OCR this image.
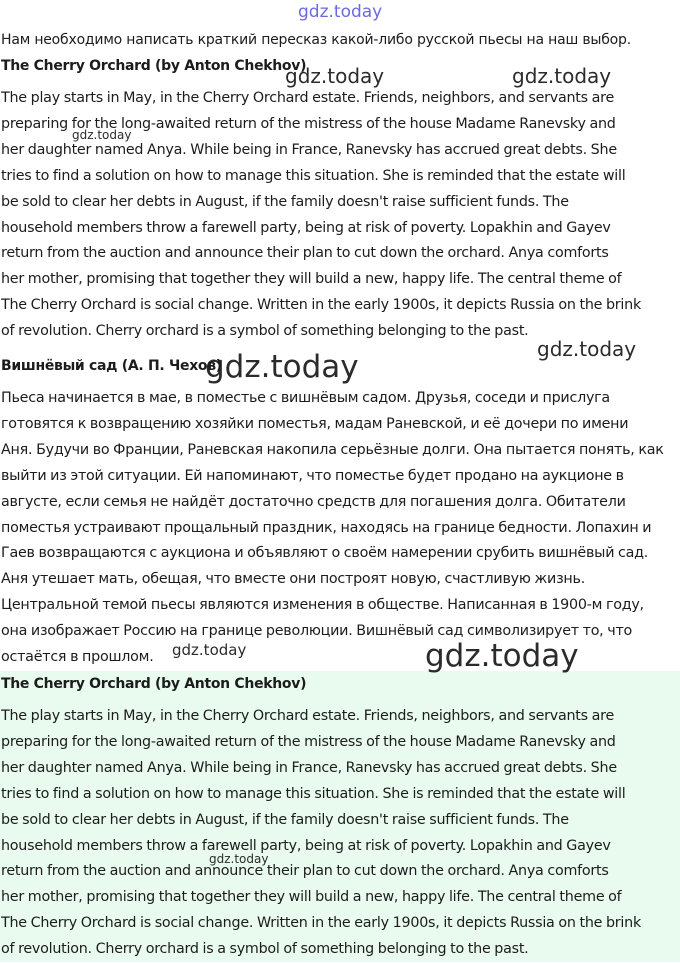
gdz.today
gdz.today	gdz.today
gdz.today
gdz.today
gdz.today
gdz.today	gdz.today
gdz.today
Нам необходимо написать краткий пересказ какой-либо русской пьесы на наш выбор.
The Cherry Orchard (by Anton Chekhov)
The play starts in May, in the Cherry Orchard estate. Friends, neighbors, and servants are
preparing for the long-awaited return of the mistress of the house Madame Ranevsky and
her daughter named Anya. While being in France, Ranevsky has accrued great debts. She
tries to find a solution on how to manage this situation. She is reminded that the estate will
be sold to clear her debts in August, if the family doesn't raise sufficient funds. The
household members throw a farewell party, being at risk of poverty. Lopakhin and Gayev
return from the auction and announce their plan to cut down the orchard. Anya comforts
her mother, promising that together they will build a new, happy life. The central theme of
The Cherry Orchard is social change. Written in the early 1900s, it depicts Russia on the brink
of revolution. Cherry orchard is a symbol of something belonging to the past.
Вишнёвый сад (А. П. Чехов)
Пьеса начинается в мае, в поместье с вишнёвым садом. Друзья, соседи и прислуга
готовятся к возвращению хозяйки поместья, мадам Раневской, и её дочери по имени
Аня. Будучи во Франции, Раневская накопила серьёзные долги. Она пытается понять, как
выйти из этой ситуации. Ей напоминают, что поместье будет продано на аукционе в
августе, если семья не найдёт достаточно средств для погашения долга. Обитатели
поместья устраивают прощальный праздник, находясь на границе бедности. Лопахин и
Гаев возвращаются с аукциона и объявляют о своём намерении срубить вишнёвый сад.
Аня утешает мать, обещая, что вместе они построят новую, счастливую жизнь.
Центральной темой пьесы являются изменения в обществе. Написанная в 1900-м году,
она изображает Россию на границе революции. Вишнёвый сад символизирует то, что
остаётся в прошлом.
The Cherry Orchard (by Anton Chekhov)
The play starts in May, in the Cherry Orchard estate. Friends, neighbors, and servants are
preparing for the long-awaited return of the mistress of the house Madame Ranevsky and
her daughter named Anya. While being in France, Ranevsky has accrued great debts. She
tries to find a solution on how to manage this situation. She is reminded that the estate will
be sold to clear her debts in August, if the family doesn't raise sufficient funds. The
household members throw a farewell party, being at risk of poverty. Lopakhin and Gayev
return from the auction and announce their plan to cut down the orchard. Anya comforts
her mother, promising that together they will build a new, happy life. The central theme of
The Cherry Orchard is social change. Written in the early 1900s, it depicts Russia on the brink
of revolution. Cherry orchard is a symbol of something belonging to the past.
